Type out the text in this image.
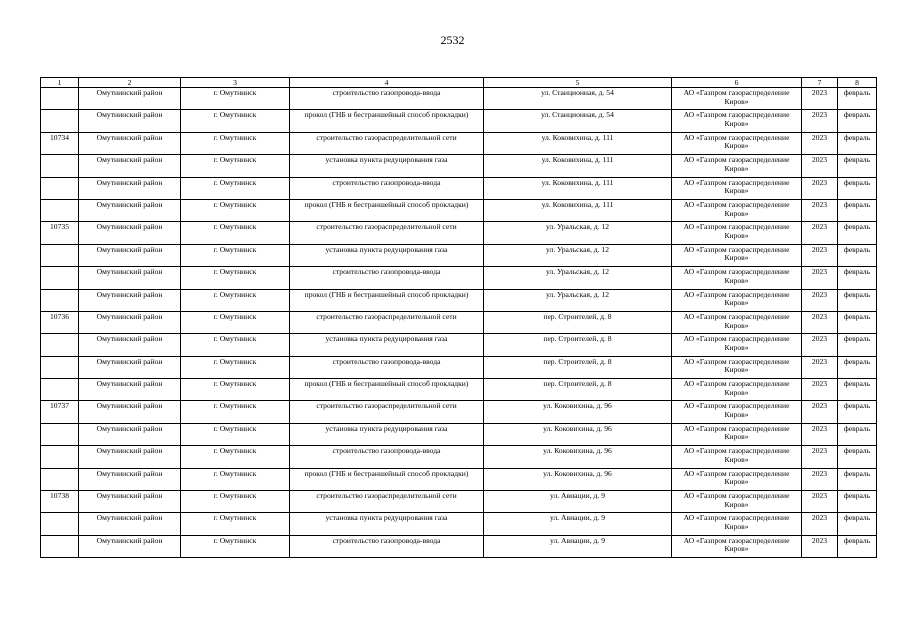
2532
1	2	3	4	5	6	7	8
	Омутнинский район	г. Омутнинск	строительство газопровода-ввода	ул. Станционная, д. 54	АО «Газпром газораспределение Киров»	2023	февраль
	Омутнинский район	г. Омутнинск	прокол (ГНБ и бестраншейный способ прокладки)	ул. Станционная, д. 54	АО «Газпром газораспределение Киров»	2023	февраль
10734	Омутнинский район	г. Омутнинск	строительство газораспределительной сети	ул. Коковихина, д. 111	АО «Газпром газораспределение Киров»	2023	февраль
	Омутнинский район	г. Омутнинск	установка пункта редуцирования газа	ул. Коковихина, д. 111	АО «Газпром газораспределение Киров»	2023	февраль
	Омутнинский район	г. Омутнинск	строительство газопровода-ввода	ул. Коковихина, д. 111	АО «Газпром газораспределение Киров»	2023	февраль
	Омутнинский район	г. Омутнинск	прокол (ГНБ и бестраншейный способ прокладки)	ул. Коковихина, д. 111	АО «Газпром газораспределение Киров»	2023	февраль
10735	Омутнинский район	г. Омутнинск	строительство газораспределительной сети	ул. Уральская, д. 12	АО «Газпром газораспределение Киров»	2023	февраль
	Омутнинский район	г. Омутнинск	установка пункта редуцирования газа	ул. Уральская, д. 12	АО «Газпром газораспределение Киров»	2023	февраль
	Омутнинский район	г. Омутнинск	строительство газопровода-ввода	ул. Уральская, д. 12	АО «Газпром газораспределение Киров»	2023	февраль
	Омутнинский район	г. Омутнинск	прокол (ГНБ и бестраншейный способ прокладки)	ул. Уральская, д. 12	АО «Газпром газораспределение Киров»	2023	февраль
10736	Омутнинский район	г. Омутнинск	строительство газораспределительной сети	пер. Строителей, д. 8	АО «Газпром газораспределение Киров»	2023	февраль
	Омутнинский район	г. Омутнинск	установка пункта редуцирования газа	пер. Строителей, д. 8	АО «Газпром газораспределение Киров»	2023	февраль
	Омутнинский район	г. Омутнинск	строительство газопровода-ввода	пер. Строителей, д. 8	АО «Газпром газораспределение Киров»	2023	февраль
	Омутнинский район	г. Омутнинск	прокол (ГНБ и бестраншейный способ прокладки)	пер. Строителей, д. 8	АО «Газпром газораспределение Киров»	2023	февраль
10737	Омутнинский район	г. Омутнинск	строительство газораспределительной сети	ул. Коковихина, д. 96	АО «Газпром газораспределение Киров»	2023	февраль
	Омутнинский район	г. Омутнинск	установка пункта редуцирования газа	ул. Коковихина, д. 96	АО «Газпром газораспределение Киров»	2023	февраль
	Омутнинский район	г. Омутнинск	строительство газопровода-ввода	ул. Коковихина, д. 96	АО «Газпром газораспределение Киров»	2023	февраль
	Омутнинский район	г. Омутнинск	прокол (ГНБ и бестраншейный способ прокладки)	ул. Коковихина, д. 96	АО «Газпром газораспределение Киров»	2023	февраль
10738	Омутнинский район	г. Омутнинск	строительство газораспределительной сети	ул. Авиации, д. 9	АО «Газпром газораспределение Киров»	2023	февраль
	Омутнинский район	г. Омутнинск	установка пункта редуцирования газа	ул. Авиации, д. 9	АО «Газпром газораспределение Киров»	2023	февраль
	Омутнинский район	г. Омутнинск	строительство газопровода-ввода	ул. Авиации, д. 9	АО «Газпром газораспределение Киров»	2023	февраль
